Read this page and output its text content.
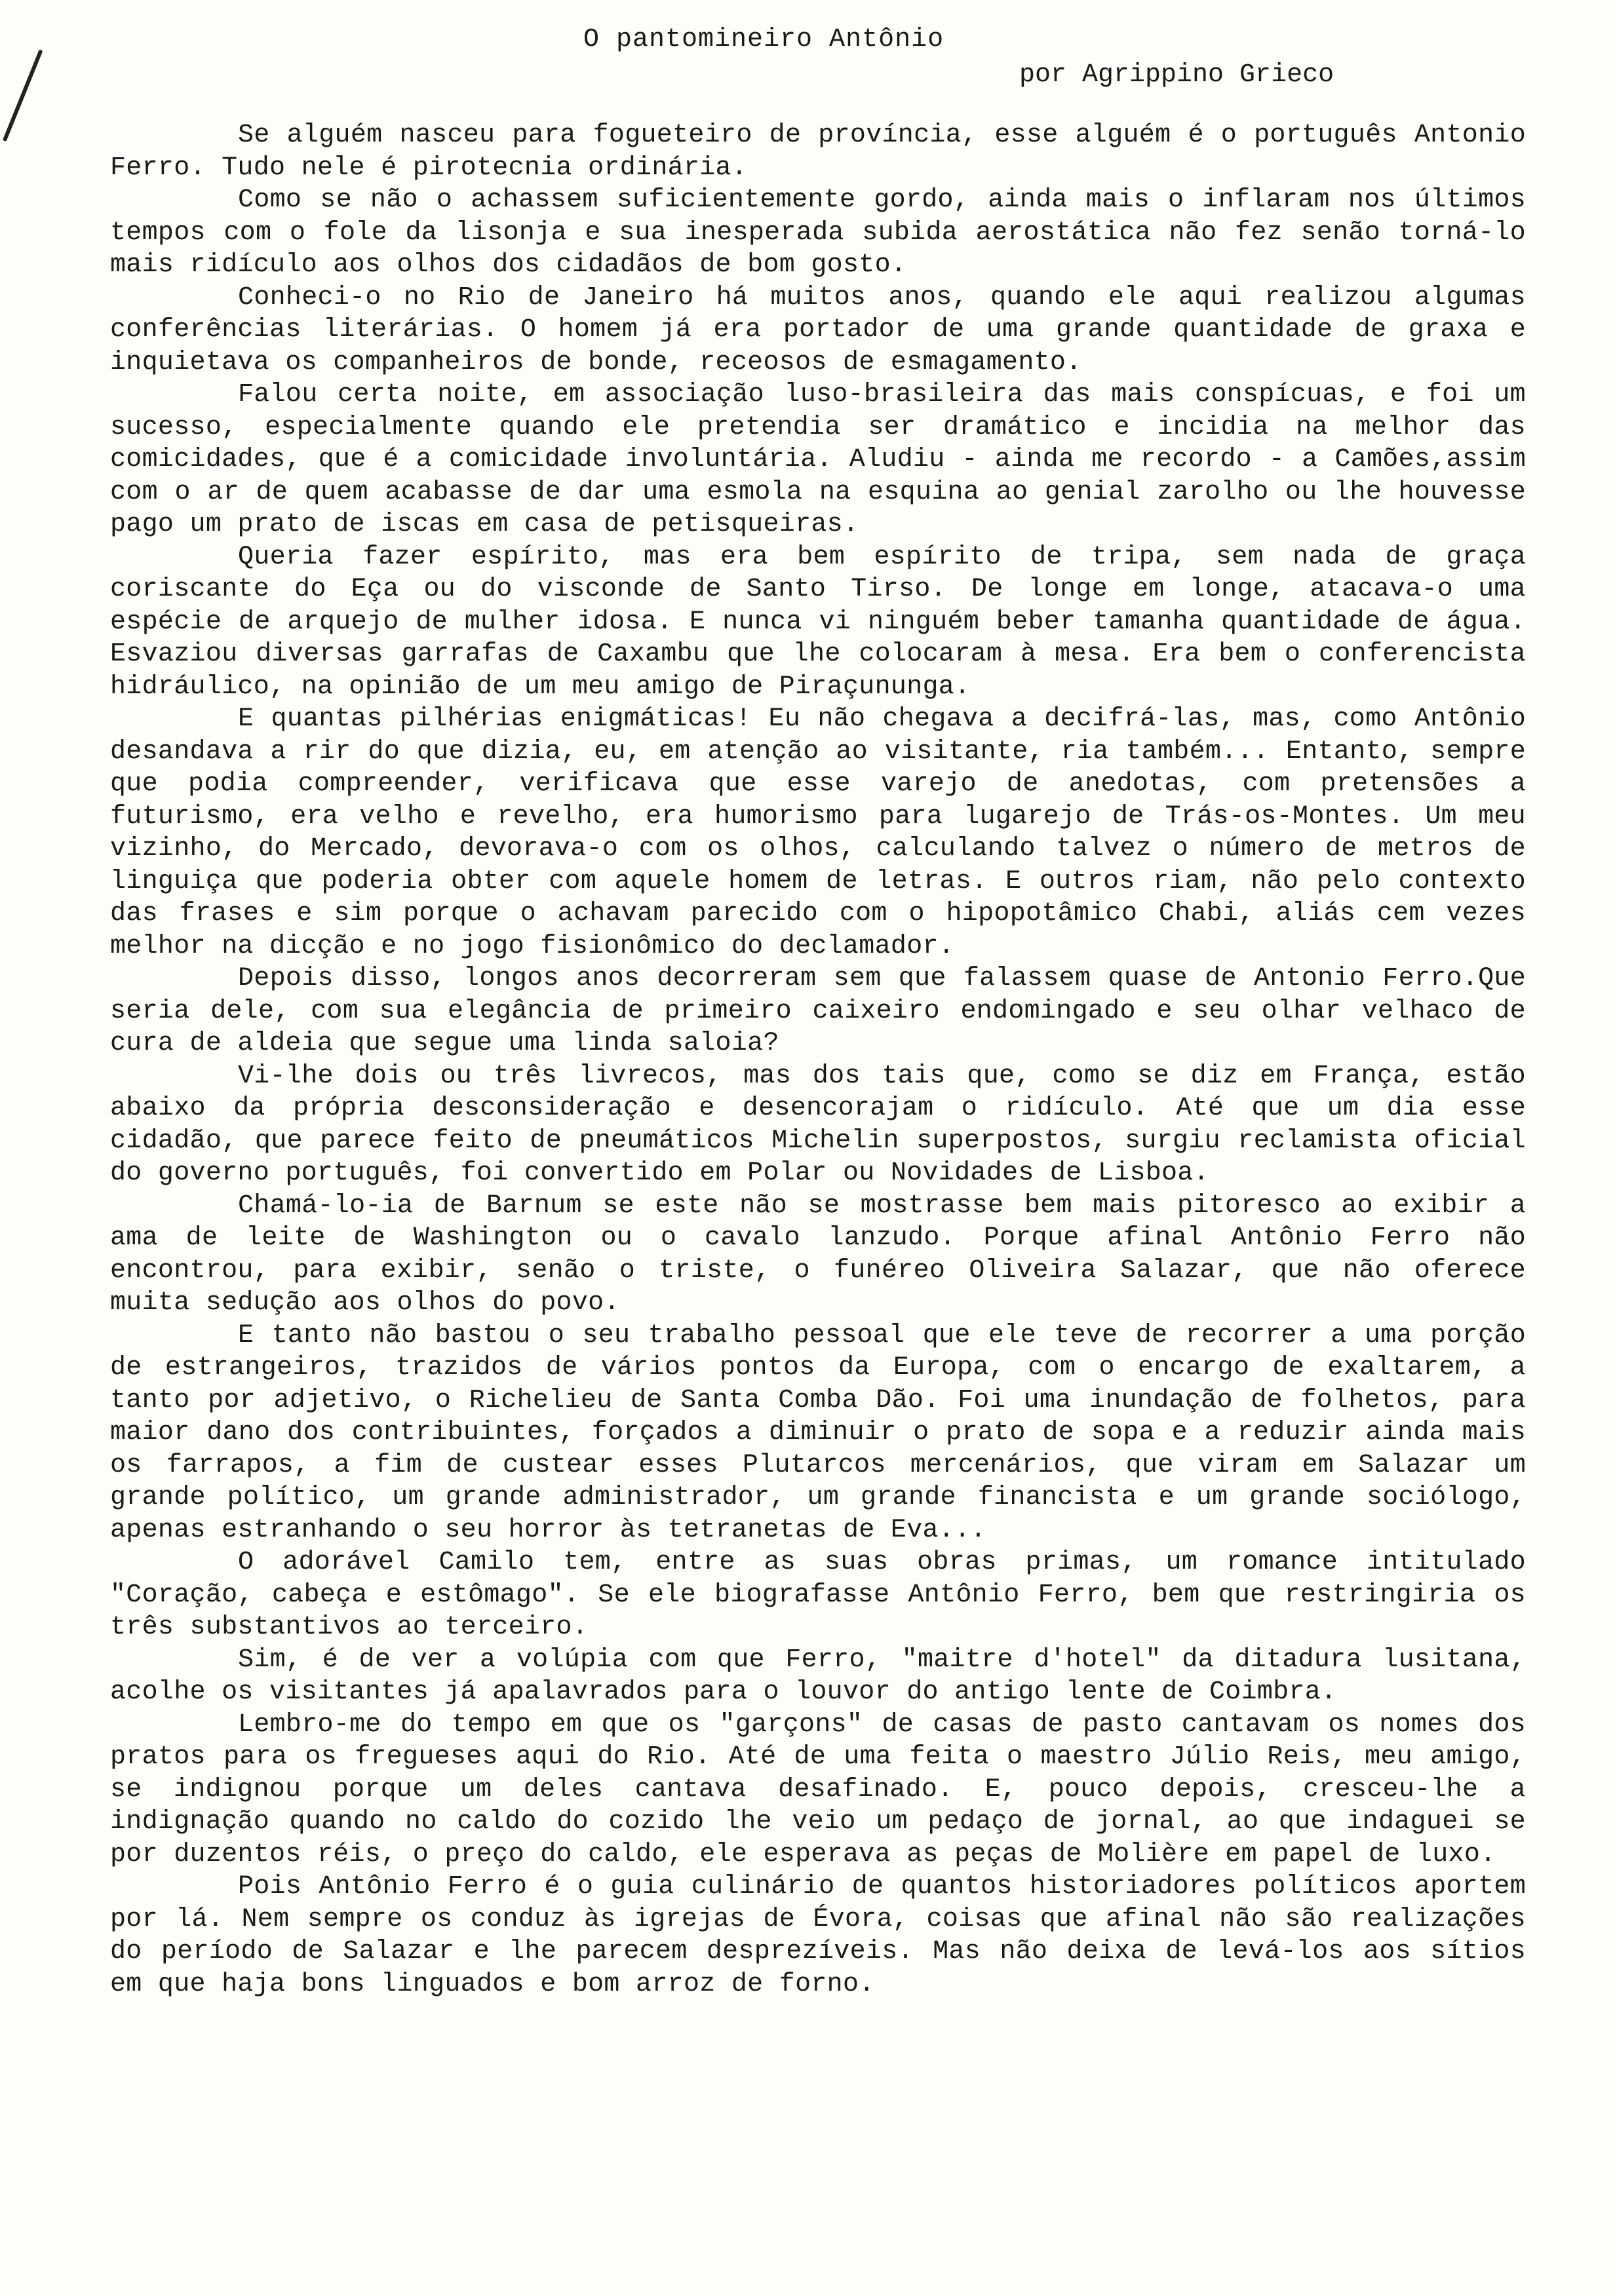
O pantomineiro Antônio
por Agrippino Grieco

Se alguém nasceu para fogueteiro de província, esse alguém é o português Antonio Ferro. Tudo nele é pirotecnia ordinária.

Como se não o achassem suficientemente gordo, ainda mais o inflaram nos últimos tempos com o fole da lisonja e sua inesperada subida aerostática não fez senão torná-lo mais ridículo aos olhos dos cidadãos de bom gosto.

Conheci-o no Rio de Janeiro há muitos anos, quando ele aqui realizou algumas conferências literárias. O homem já era portador de uma grande quantidade de graxa e inquietava os companheiros de bonde, receosos de esmagamento.

Falou certa noite, em associação luso-brasileira das mais conspícuas, e foi um sucesso, especialmente quando ele pretendia ser dramático e incidia na melhor das comicidades, que é a comicidade involuntária. Aludiu - ainda me recordo - a Camões,assim com o ar de quem acabasse de dar uma esmola na esquina ao genial zarolho ou lhe houvesse pago um prato de iscas em casa de petisqueiras.

Queria fazer espírito, mas era bem espírito de tripa, sem nada de graça coriscante do Eça ou do visconde de Santo Tirso. De longe em longe, atacava-o uma espécie de arquejo de mulher idosa. E nunca vi ninguém beber tamanha quantidade de água. Esvaziou diversas garrafas de Caxambu que lhe colocaram à mesa. Era bem o conferencista hidráulico, na opinião de um meu amigo de Piraçununga.

E quantas pilhérias enigmáticas! Eu não chegava a decifrá-las, mas, como Antônio desandava a rir do que dizia, eu, em atenção ao visitante, ria também... Entanto, sempre que podia compreender, verificava que esse varejo de anedotas, com pretensões a futurismo, era velho e revelho, era humorismo para lugarejo de Trás-os-Montes. Um meu vizinho, do Mercado, devorava-o com os olhos, calculando talvez o número de metros de linguiça que poderia obter com aquele homem de letras. E outros riam, não pelo contexto das frases e sim porque o achavam parecido com o hipopotâmico Chabi, aliás cem vezes melhor na dicção e no jogo fisionômico do declamador.

Depois disso, longos anos decorreram sem que falassem quase de Antonio Ferro.Que seria dele, com sua elegância de primeiro caixeiro endomingado e seu olhar velhaco de cura de aldeia que segue uma linda saloia?

Vi-lhe dois ou três livrecos, mas dos tais que, como se diz em França, estão abaixo da própria desconsideração e desencorajam o ridículo. Até que um dia esse cidadão, que parece feito de pneumáticos Michelin superpostos, surgiu reclamista oficial do governo português, foi convertido em Polar ou Novidades de Lisboa.

Chamá-lo-ia de Barnum se este não se mostrasse bem mais pitoresco ao exibir a ama de leite de Washington ou o cavalo lanzudo. Porque afinal Antônio Ferro não encontrou, para exibir, senão o triste, o funéreo Oliveira Salazar, que não oferece muita sedução aos olhos do povo.

E tanto não bastou o seu trabalho pessoal que ele teve de recorrer a uma porção de estrangeiros, trazidos de vários pontos da Europa, com o encargo de exaltarem, a tanto por adjetivo, o Richelieu de Santa Comba Dão. Foi uma inundação de folhetos, para maior dano dos contribuintes, forçados a diminuir o prato de sopa e a reduzir ainda mais os farrapos, a fim de custear esses Plutarcos mercenários, que viram em Salazar um grande político, um grande administrador, um grande financista e um grande sociólogo, apenas estranhando o seu horror às tetranetas de Eva...

O adorável Camilo tem, entre as suas obras primas, um romance intitulado "Coração, cabeça e estômago". Se ele biografasse Antônio Ferro, bem que restringiria os três substantivos ao terceiro.

Sim, é de ver a volúpia com que Ferro, "maitre d'hotel" da ditadura lusitana, acolhe os visitantes já apalavrados para o louvor do antigo lente de Coimbra.

Lembro-me do tempo em que os "garçons" de casas de pasto cantavam os nomes dos pratos para os fregueses aqui do Rio. Até de uma feita o maestro Júlio Reis, meu amigo, se indignou porque um deles cantava desafinado. E, pouco depois, cresceu-lhe a indignação quando no caldo do cozido lhe veio um pedaço de jornal, ao que indaguei se por duzentos réis, o preço do caldo, ele esperava as peças de Molière em papel de luxo.

Pois Antônio Ferro é o guia culinário de quantos historiadores políticos aportem por lá. Nem sempre os conduz às igrejas de Évora, coisas que afinal não são realizações do período de Salazar e lhe parecem desprezíveis. Mas não deixa de levá-los aos sítios em que haja bons linguados e bom arroz de forno.
